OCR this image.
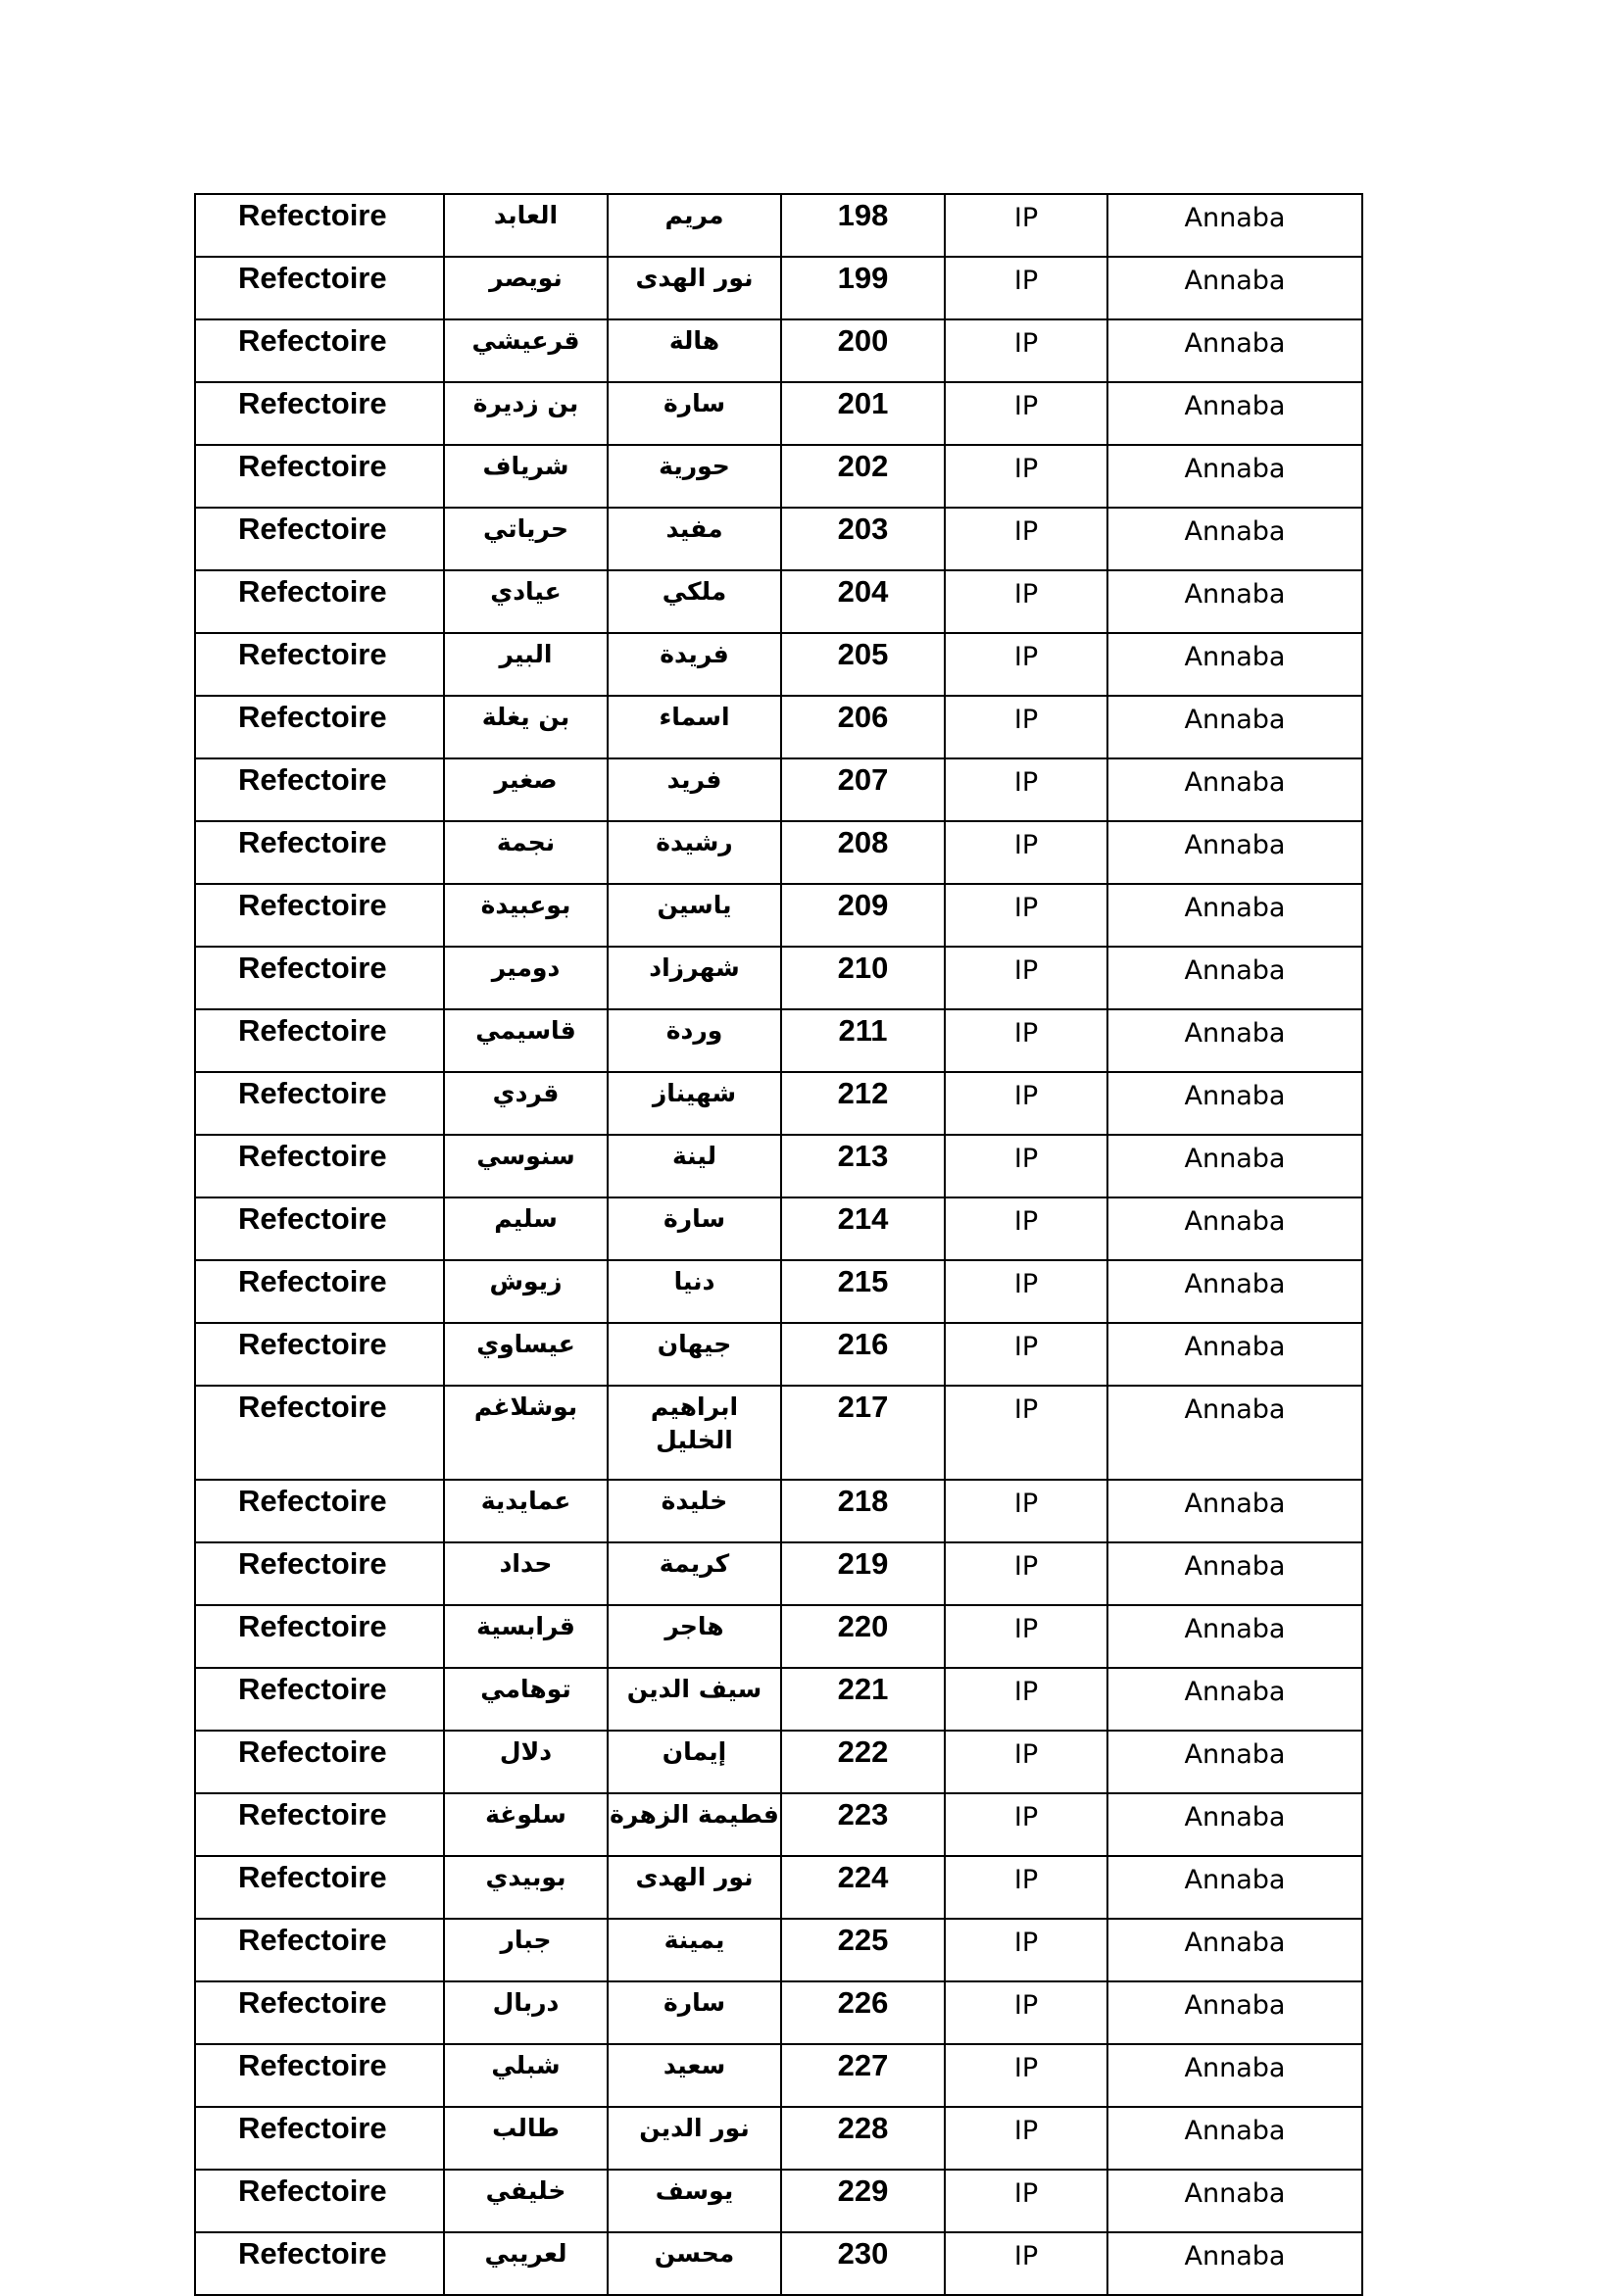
Refectoire	العابد	مريم	198	IP	Annaba
Refectoire	نويصر	نور الهدى	199	IP	Annaba
Refectoire	قرعيشي	هالة	200	IP	Annaba
Refectoire	بن زديرة	سارة	201	IP	Annaba
Refectoire	شرياف	حورية	202	IP	Annaba
Refectoire	حرياتي	مفيد	203	IP	Annaba
Refectoire	عيادي	ملكي	204	IP	Annaba
Refectoire	البير	فريدة	205	IP	Annaba
Refectoire	بن يغلة	اسماء	206	IP	Annaba
Refectoire	صغير	فريد	207	IP	Annaba
Refectoire	نجمة	رشيدة	208	IP	Annaba
Refectoire	بوعبيدة	ياسين	209	IP	Annaba
Refectoire	دومير	شهرزاد	210	IP	Annaba
Refectoire	قاسيمي	وردة	211	IP	Annaba
Refectoire	قردي	شهيناز	212	IP	Annaba
Refectoire	سنوسي	لينة	213	IP	Annaba
Refectoire	سليم	سارة	214	IP	Annaba
Refectoire	زيوش	دنيا	215	IP	Annaba
Refectoire	عيساوي	جيهان	216	IP	Annaba
Refectoire	بوشلاغم	ابراهيم الخليل	217	IP	Annaba
Refectoire	عمايدية	خليدة	218	IP	Annaba
Refectoire	حداد	كريمة	219	IP	Annaba
Refectoire	قرابسية	هاجر	220	IP	Annaba
Refectoire	توهامي	سيف الدين	221	IP	Annaba
Refectoire	دلال	إيمان	222	IP	Annaba
Refectoire	سلوغة	فطيمة الزهرة	223	IP	Annaba
Refectoire	بوبيدي	نور الهدى	224	IP	Annaba
Refectoire	جبار	يمينة	225	IP	Annaba
Refectoire	دربال	سارة	226	IP	Annaba
Refectoire	شبلي	سعيد	227	IP	Annaba
Refectoire	طالب	نور الدين	228	IP	Annaba
Refectoire	خليفي	يوسف	229	IP	Annaba
Refectoire	لعريبي	محسن	230	IP	Annaba
